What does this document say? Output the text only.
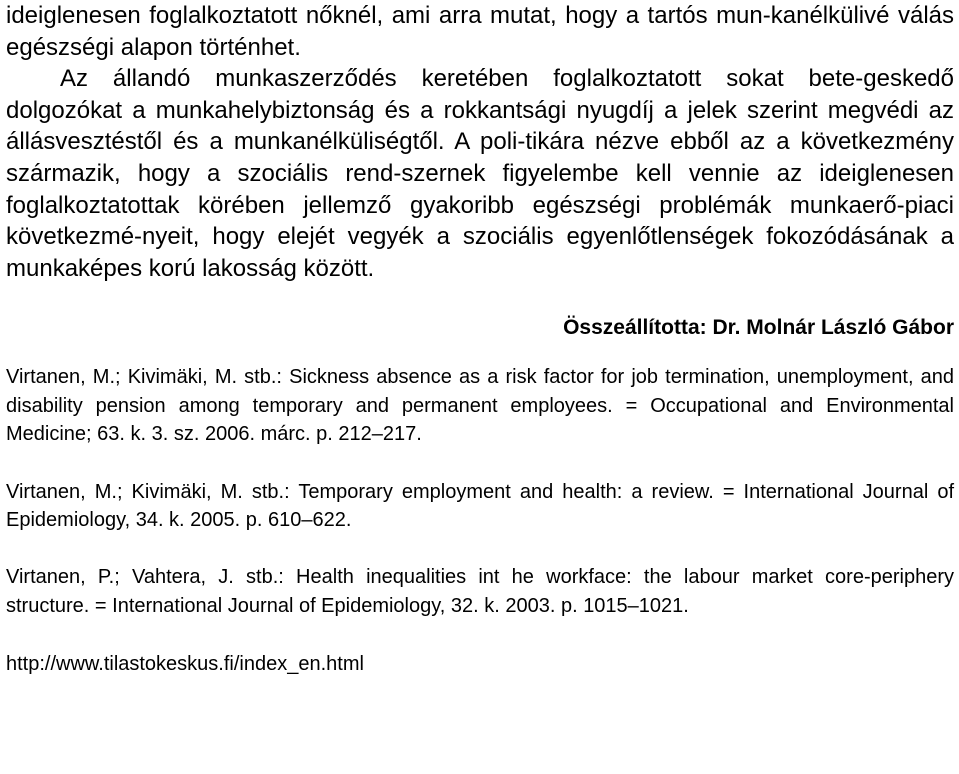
ideiglenesen foglalkoztatott nőknél, ami arra mutat, hogy a tartós mun-kanélkülivé válás egészségi alapon történhet.

Az állandó munkaszerződés keretében foglalkoztatott sokat bete-geskedő dolgozókat a munkahelybiztonság és a rokkantsági nyugdíj a jelek szerint megvédi az állásvesztéstől és a munkanélküliségtől. A poli-tikára nézve ebből az a következmény származik, hogy a szociális rend-szernek figyelembe kell vennie az ideiglenesen foglalkoztatottak körében jellemző gyakoribb egészségi problémák munkaerő-piaci következmé-nyeit, hogy elejét vegyék a szociális egyenlőtlenségek fokozódásának a munkaképes korú lakosság között.

Összeállította: Dr. Molnár László Gábor

Virtanen, M.; Kivimäki, M. stb.: Sickness absence as a risk factor for job termination, unemployment, and disability pension among temporary and permanent employees. = Occupational and Environmental Medicine; 63. k. 3. sz. 2006. márc. p. 212–217.

Virtanen, M.; Kivimäki, M. stb.: Temporary employment and health: a review. = International Journal of Epidemiology, 34. k. 2005. p. 610–622.

Virtanen, P.; Vahtera, J. stb.: Health inequalities int he workface: the labour market core-periphery structure. = International Journal of Epidemiology, 32. k. 2003. p. 1015–1021.

http://www.tilastokeskus.fi/index_en.html
